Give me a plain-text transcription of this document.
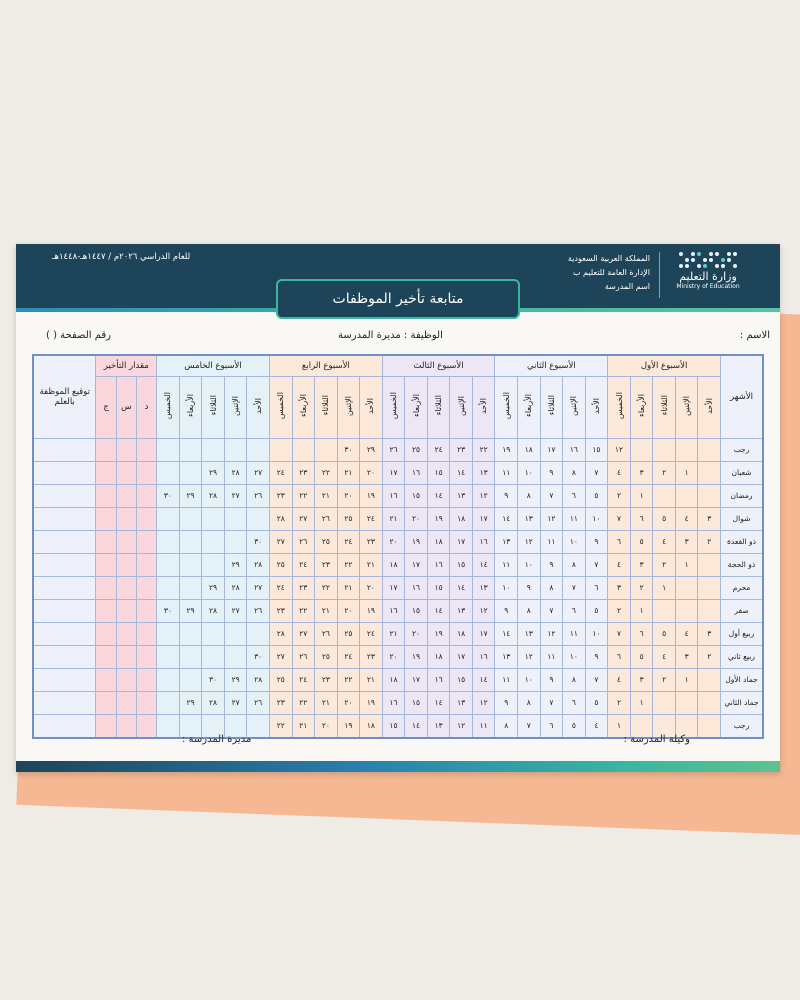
وزارة التعليم
Ministry of Education
المملكة العربية السعودية
الإدارة العامة للتعليم ب
اسم المدرسة
للعام الدراسي ٢٠٢٦م / ١٤٤٧هـ-١٤٤٨هـ
متابعة تأخير الموظفات
الاسم :
الوظيفة : مديرة المدرسة
رقم الصفحة ( )
الأشهر	الأسبوع الأول					الأسبوع الثاني					الأسبوع الثالث					الأسبوع الرابع					الأسبوع الخامس					مقدار التأخير			توقيع الموظفة بالعلم
	الأحد	الإثنين	الثلاثاء	الأربعاء	الخميس	الأحد	الإثنين	الثلاثاء	الأربعاء	الخميس	الأحد	الإثنين	الثلاثاء	الأربعاء	الخميس	الأحد	الإثنين	الثلاثاء	الأربعاء	الخميس	الأحد	الإثنين	الثلاثاء	الأربعاء	الخميس	د	س	ج	
رجب					١٢	١٥	١٦	١٧	١٨	١٩	٢٢	٢٣	٢٤	٢٥	٢٦	٢٩	٣٠												
شعبان		١	٢	٣	٤	٧	٨	٩	١٠	١١	١٣	١٤	١٥	١٦	١٧	٢٠	٢١	٢٢	٢٣	٢٤	٢٧	٢٨	٢٩						
رمضان				١	٢	٥	٦	٧	٨	٩	١٢	١٣	١٤	١٥	١٦	١٩	٢٠	٢١	٢٢	٢٣	٢٦	٢٧	٢٨	٢٩	٣٠				
شوال	٣	٤	٥	٦	٧	١٠	١١	١٢	١٣	١٤	١٧	١٨	١٩	٢٠	٢١	٢٤	٢٥	٢٦	٢٧	٢٨									
ذو القعدة	٢	٣	٤	٥	٦	٩	١٠	١١	١٢	١٣	١٦	١٧	١٨	١٩	٢٠	٢٣	٢٤	٢٥	٢٦	٢٧	٣٠								
ذو الحجة		١	٢	٣	٤	٧	٨	٩	١٠	١١	١٤	١٥	١٦	١٧	١٨	٢١	٢٢	٢٣	٢٤	٢٥	٢٨	٢٩							
محرم			١	٢	٣	٦	٧	٨	٩	١٠	١٣	١٤	١٥	١٦	١٧	٢٠	٢١	٢٢	٢٣	٢٤	٢٧	٢٨	٢٩						
صفر				١	٢	٥	٦	٧	٨	٩	١٢	١٣	١٤	١٥	١٦	١٩	٢٠	٢١	٢٢	٢٣	٢٦	٢٧	٢٨	٢٩	٣٠				
ربيع أول	٣	٤	٥	٦	٧	١٠	١١	١٢	١٣	١٤	١٧	١٨	١٩	٢٠	٢١	٢٤	٢٥	٢٦	٢٧	٢٨									
ربيع ثاني	٢	٣	٤	٥	٦	٩	١٠	١١	١٢	١٣	١٦	١٧	١٨	١٩	٢٠	٢٣	٢٤	٢٥	٢٦	٢٧	٣٠								
جماد الأول		١	٢	٣	٤	٧	٨	٩	١٠	١١	١٤	١٥	١٦	١٧	١٨	٢١	٢٢	٢٣	٢٤	٢٥	٢٨	٢٩	٣٠						
جماد الثاني				١	٢	٥	٦	٧	٨	٩	١٢	١٣	١٤	١٥	١٦	١٩	٢٠	٢١	٢٢	٢٣	٢٦	٢٧	٢٨	٢٩					
رجب					١	٤	٥	٦	٧	٨	١١	١٢	١٣	١٤	١٥	١٨	١٩	٢٠	٢١	٢٢									
وكيلة المدرسة :
مديرة المدرسة :
